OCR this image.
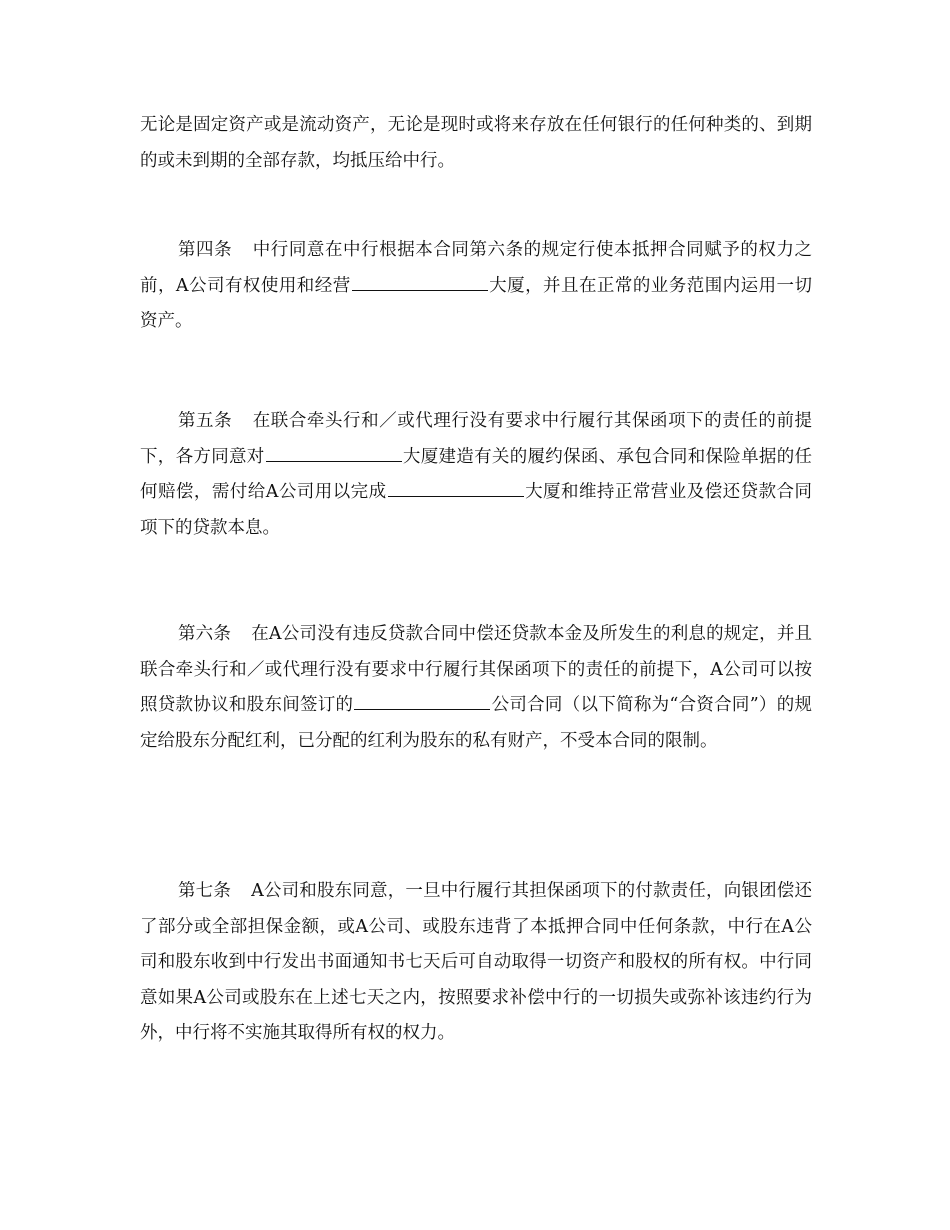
无论是固定资产或是流动资产，无论是现时或将来存放在任何银行的任何种类的、到期的或未到期的全部存款，均抵压给中行。

第四条 中行同意在中行根据本合同第六条的规定行使本抵押合同赋予的权力之前，A公司有权使用和经营	大厦，并且在正常的业务范围内运用一切资产。

第五条 在联合牵头行和／或代理行没有要求中行履行其保函项下的责任的前提下，各方同意对	大厦建造有关的履约保函、承包合同和保险单据的任何赔偿，需付给A公司用以完成	大厦和维持正常营业及偿还贷款合同项下的贷款本息。

第六条 在A公司没有违反贷款合同中偿还贷款本金及所发生的利息的规定，并且联合牵头行和／或代理行没有要求中行履行其保函项下的责任的前提下，A公司可以按照贷款协议和股东间签订的	公司合同（以下简称为“合资合同”）的规定给股东分配红利，已分配的红利为股东的私有财产，不受本合同的限制。

第七条 A公司和股东同意，一旦中行履行其担保函项下的付款责任，向银团偿还了部分或全部担保金额，或A公司、或股东违背了本抵押合同中任何条款，中行在A公司和股东收到中行发出书面通知书七天后可自动取得一切资产和股权的所有权。中行同意如果A公司或股东在上述七天之内，按照要求补偿中行的一切损失或弥补该违约行为外，中行将不实施其取得所有权的权力。
